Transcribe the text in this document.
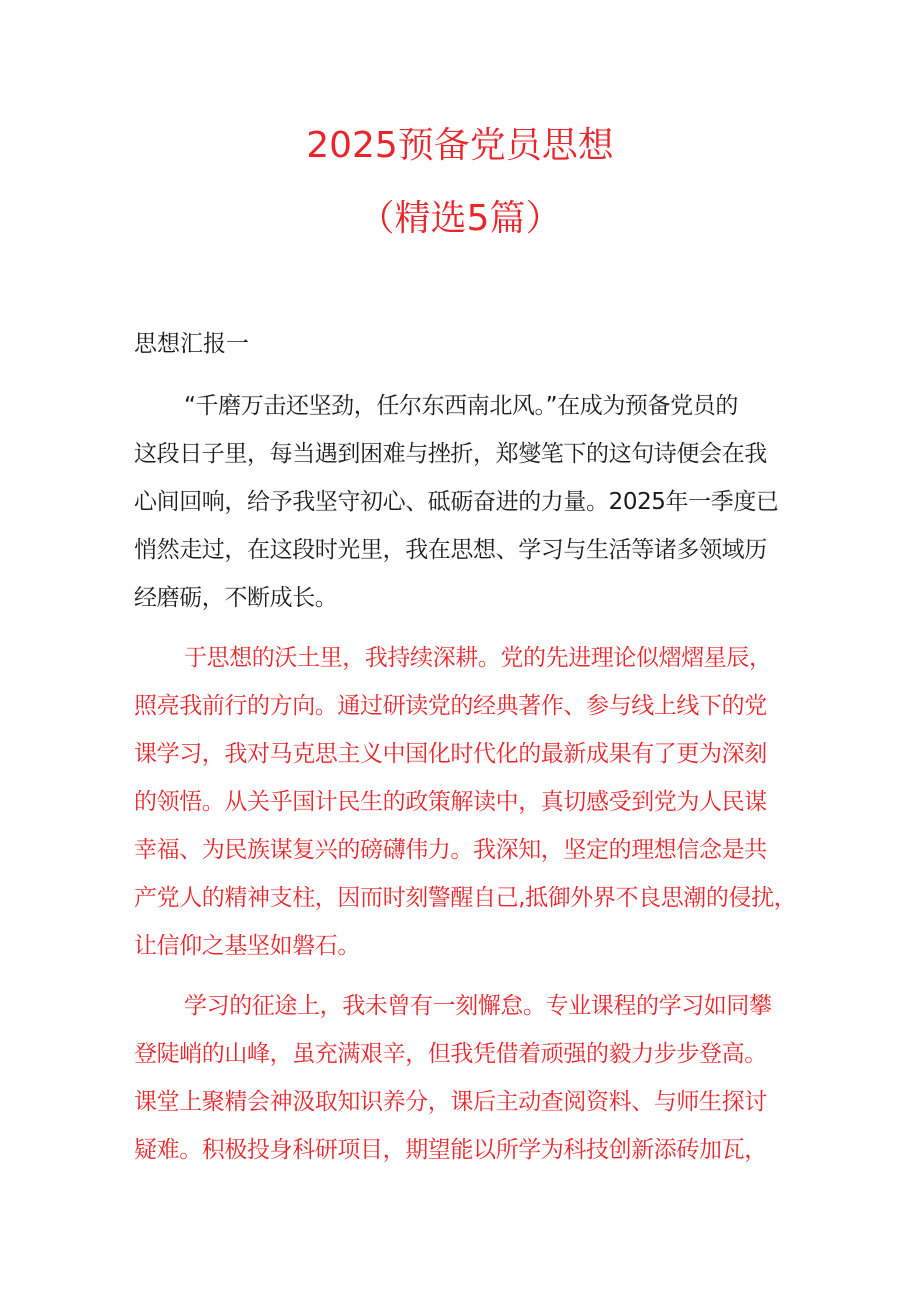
2025预备党员思想
（精选5篇）
思想汇报一
“千磨万击还坚劲，任尔东西南北风。”在成为预备党员的
这段日子里，每当遇到困难与挫折，郑燮笔下的这句诗便会在我
心间回响，给予我坚守初心、砥砺奋进的力量。2025年一季度已
悄然走过，在这段时光里，我在思想、学习与生活等诸多领域历
经磨砺，不断成长。
于思想的沃土里，我持续深耕。党的先进理论似熠熠星辰，
照亮我前行的方向。通过研读党的经典著作、参与线上线下的党
课学习，我对马克思主义中国化时代化的最新成果有了更为深刻
的领悟。从关乎国计民生的政策解读中，真切感受到党为人民谋
幸福、为民族谋复兴的磅礴伟力。我深知，坚定的理想信念是共
产党人的精神支柱，因而时刻警醒自己,抵御外界不良思潮的侵扰，
让信仰之基坚如磐石。
学习的征途上，我未曾有一刻懈怠。专业课程的学习如同攀
登陡峭的山峰，虽充满艰辛，但我凭借着顽强的毅力步步登高。
课堂上聚精会神汲取知识养分，课后主动查阅资料、与师生探讨
疑难。积极投身科研项目，期望能以所学为科技创新添砖加瓦，
